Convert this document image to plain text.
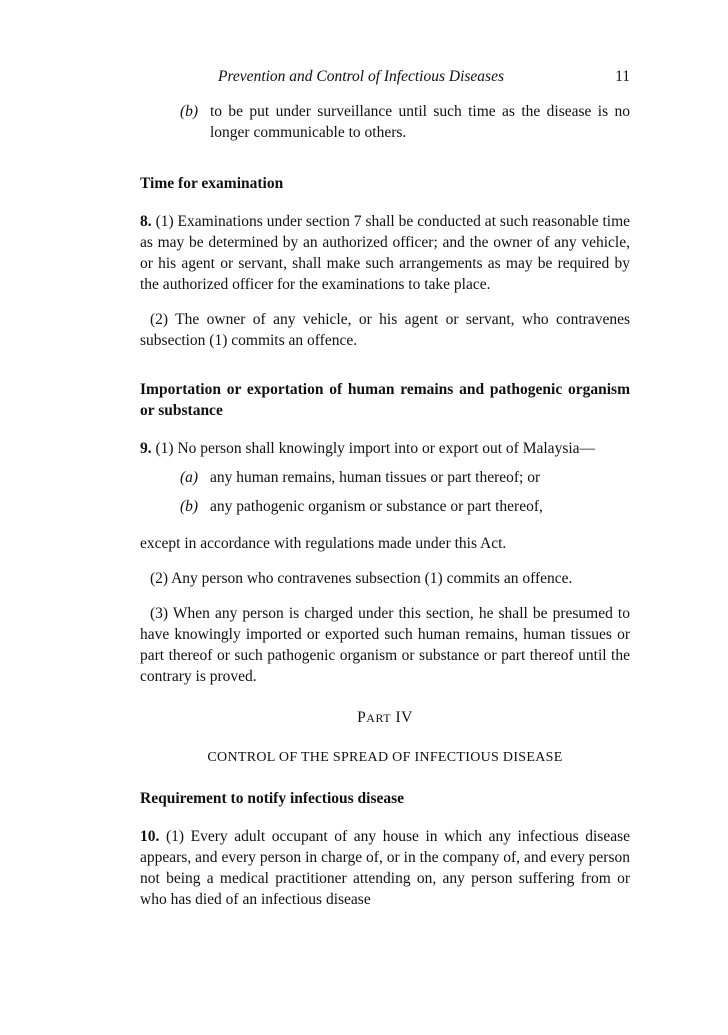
Prevention and Control of Infectious Diseases	11

(b) to be put under surveillance until such time as the disease is no longer communicable to others.

Time for examination

8. (1) Examinations under section 7 shall be conducted at such reasonable time as may be determined by an authorized officer; and the owner of any vehicle, or his agent or servant, shall make such arrangements as may be required by the authorized officer for the examinations to take place.

(2) The owner of any vehicle, or his agent or servant, who contravenes subsection (1) commits an offence.

Importation or exportation of human remains and pathogenic organism or substance

9. (1) No person shall knowingly import into or export out of Malaysia—

(a) any human remains, human tissues or part thereof; or

(b) any pathogenic organism or substance or part thereof,

except in accordance with regulations made under this Act.

(2) Any person who contravenes subsection (1) commits an offence.

(3) When any person is charged under this section, he shall be presumed to have knowingly imported or exported such human remains, human tissues or part thereof or such pathogenic organism or substance or part thereof until the contrary is proved.

PART IV

CONTROL OF THE SPREAD OF INFECTIOUS DISEASE

Requirement to notify infectious disease

10. (1) Every adult occupant of any house in which any infectious disease appears, and every person in charge of, or in the company of, and every person not being a medical practitioner attending on, any person suffering from or who has died of an infectious disease
